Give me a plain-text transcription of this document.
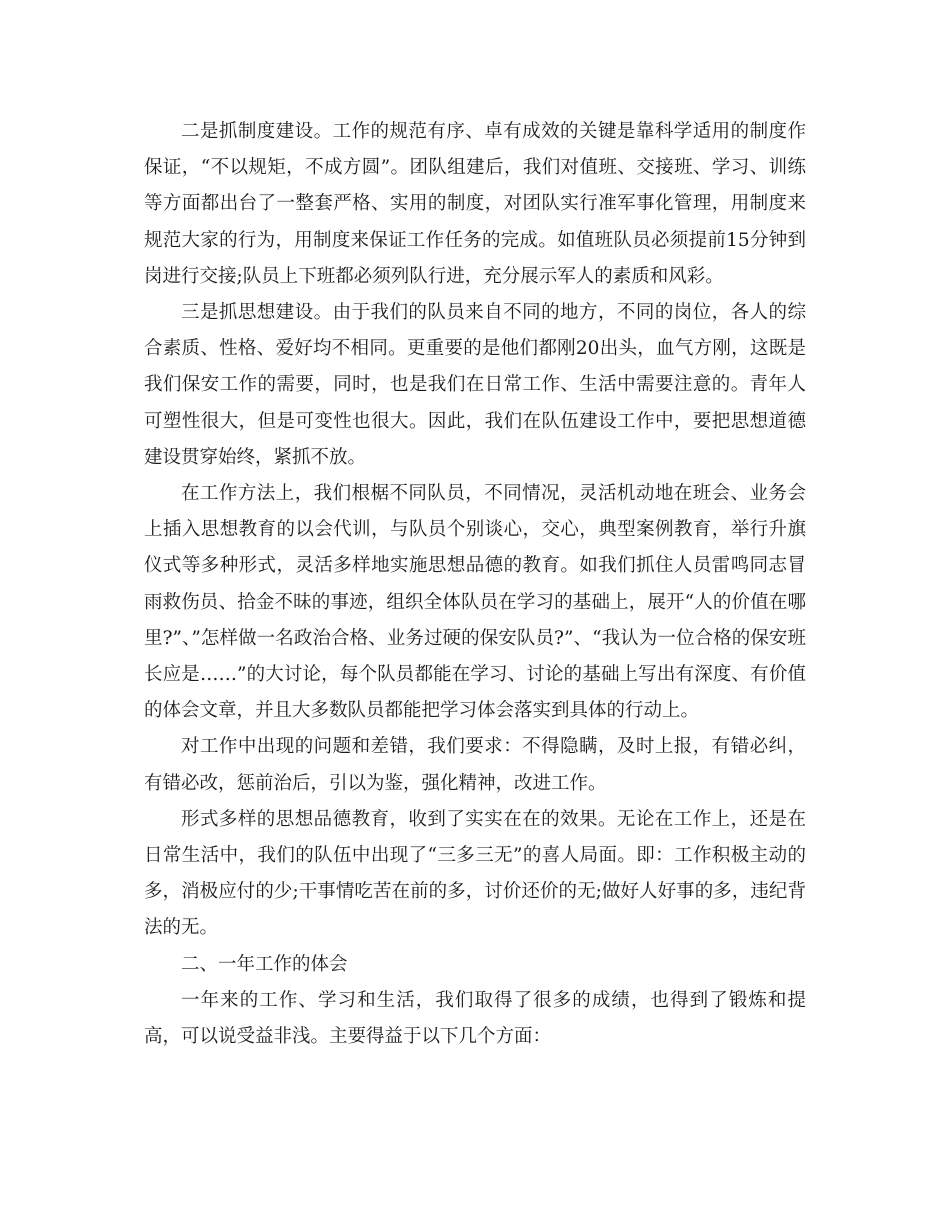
二是抓制度建设。工作的规范有序、卓有成效的关键是靠科学适用的制度作保证，“不以规矩，不成方圆”。团队组建后，我们对值班、交接班、学习、训练等方面都出台了一整套严格、实用的制度，对团队实行准军事化管理，用制度来规范大家的行为，用制度来保证工作任务的完成。如值班队员必须提前15分钟到岗进行交接;队员上下班都必须列队行进，充分展示军人的素质和风彩。

三是抓思想建设。由于我们的队员来自不同的地方，不同的岗位，各人的综合素质、性格、爱好均不相同。更重要的是他们都刚20出头，血气方刚，这既是我们保安工作的需要，同时，也是我们在日常工作、生活中需要注意的。青年人可塑性很大，但是可变性也很大。因此，我们在队伍建设工作中，要把思想道德建设贯穿始终，紧抓不放。

在工作方法上，我们根椐不同队员，不同情况，灵活机动地在班会、业务会上插入思想教育的以会代训，与队员个别谈心，交心，典型案例教育，举行升旗仪式等多种形式，灵活多样地实施思想品德的教育。如我们抓住人员雷鸣同志冒雨救伤员、拾金不昧的事迹，组织全体队员在学习的基础上，展开“人的价值在哪里?”、”怎样做一名政治合格、业务过硬的保安队员?”、“我认为一位合格的保安班长应是……”的大讨论，每个队员都能在学习、讨论的基础上写出有深度、有价值的体会文章，并且大多数队员都能把学习体会落实到具体的行动上。

对工作中出现的问题和差错，我们要求：不得隐瞒，及时上报，有错必纠，有错必改，惩前治后，引以为鉴，强化精神，改进工作。

形式多样的思想品德教育，收到了实实在在的效果。无论在工作上，还是在日常生活中，我们的队伍中出现了“三多三无”的喜人局面。即：工作积极主动的多，消极应付的少;干事情吃苦在前的多，讨价还价的无;做好人好事的多，违纪背法的无。

二、一年工作的体会

一年来的工作、学习和生活，我们取得了很多的成绩，也得到了锻炼和提高，可以说受益非浅。主要得益于以下几个方面：
